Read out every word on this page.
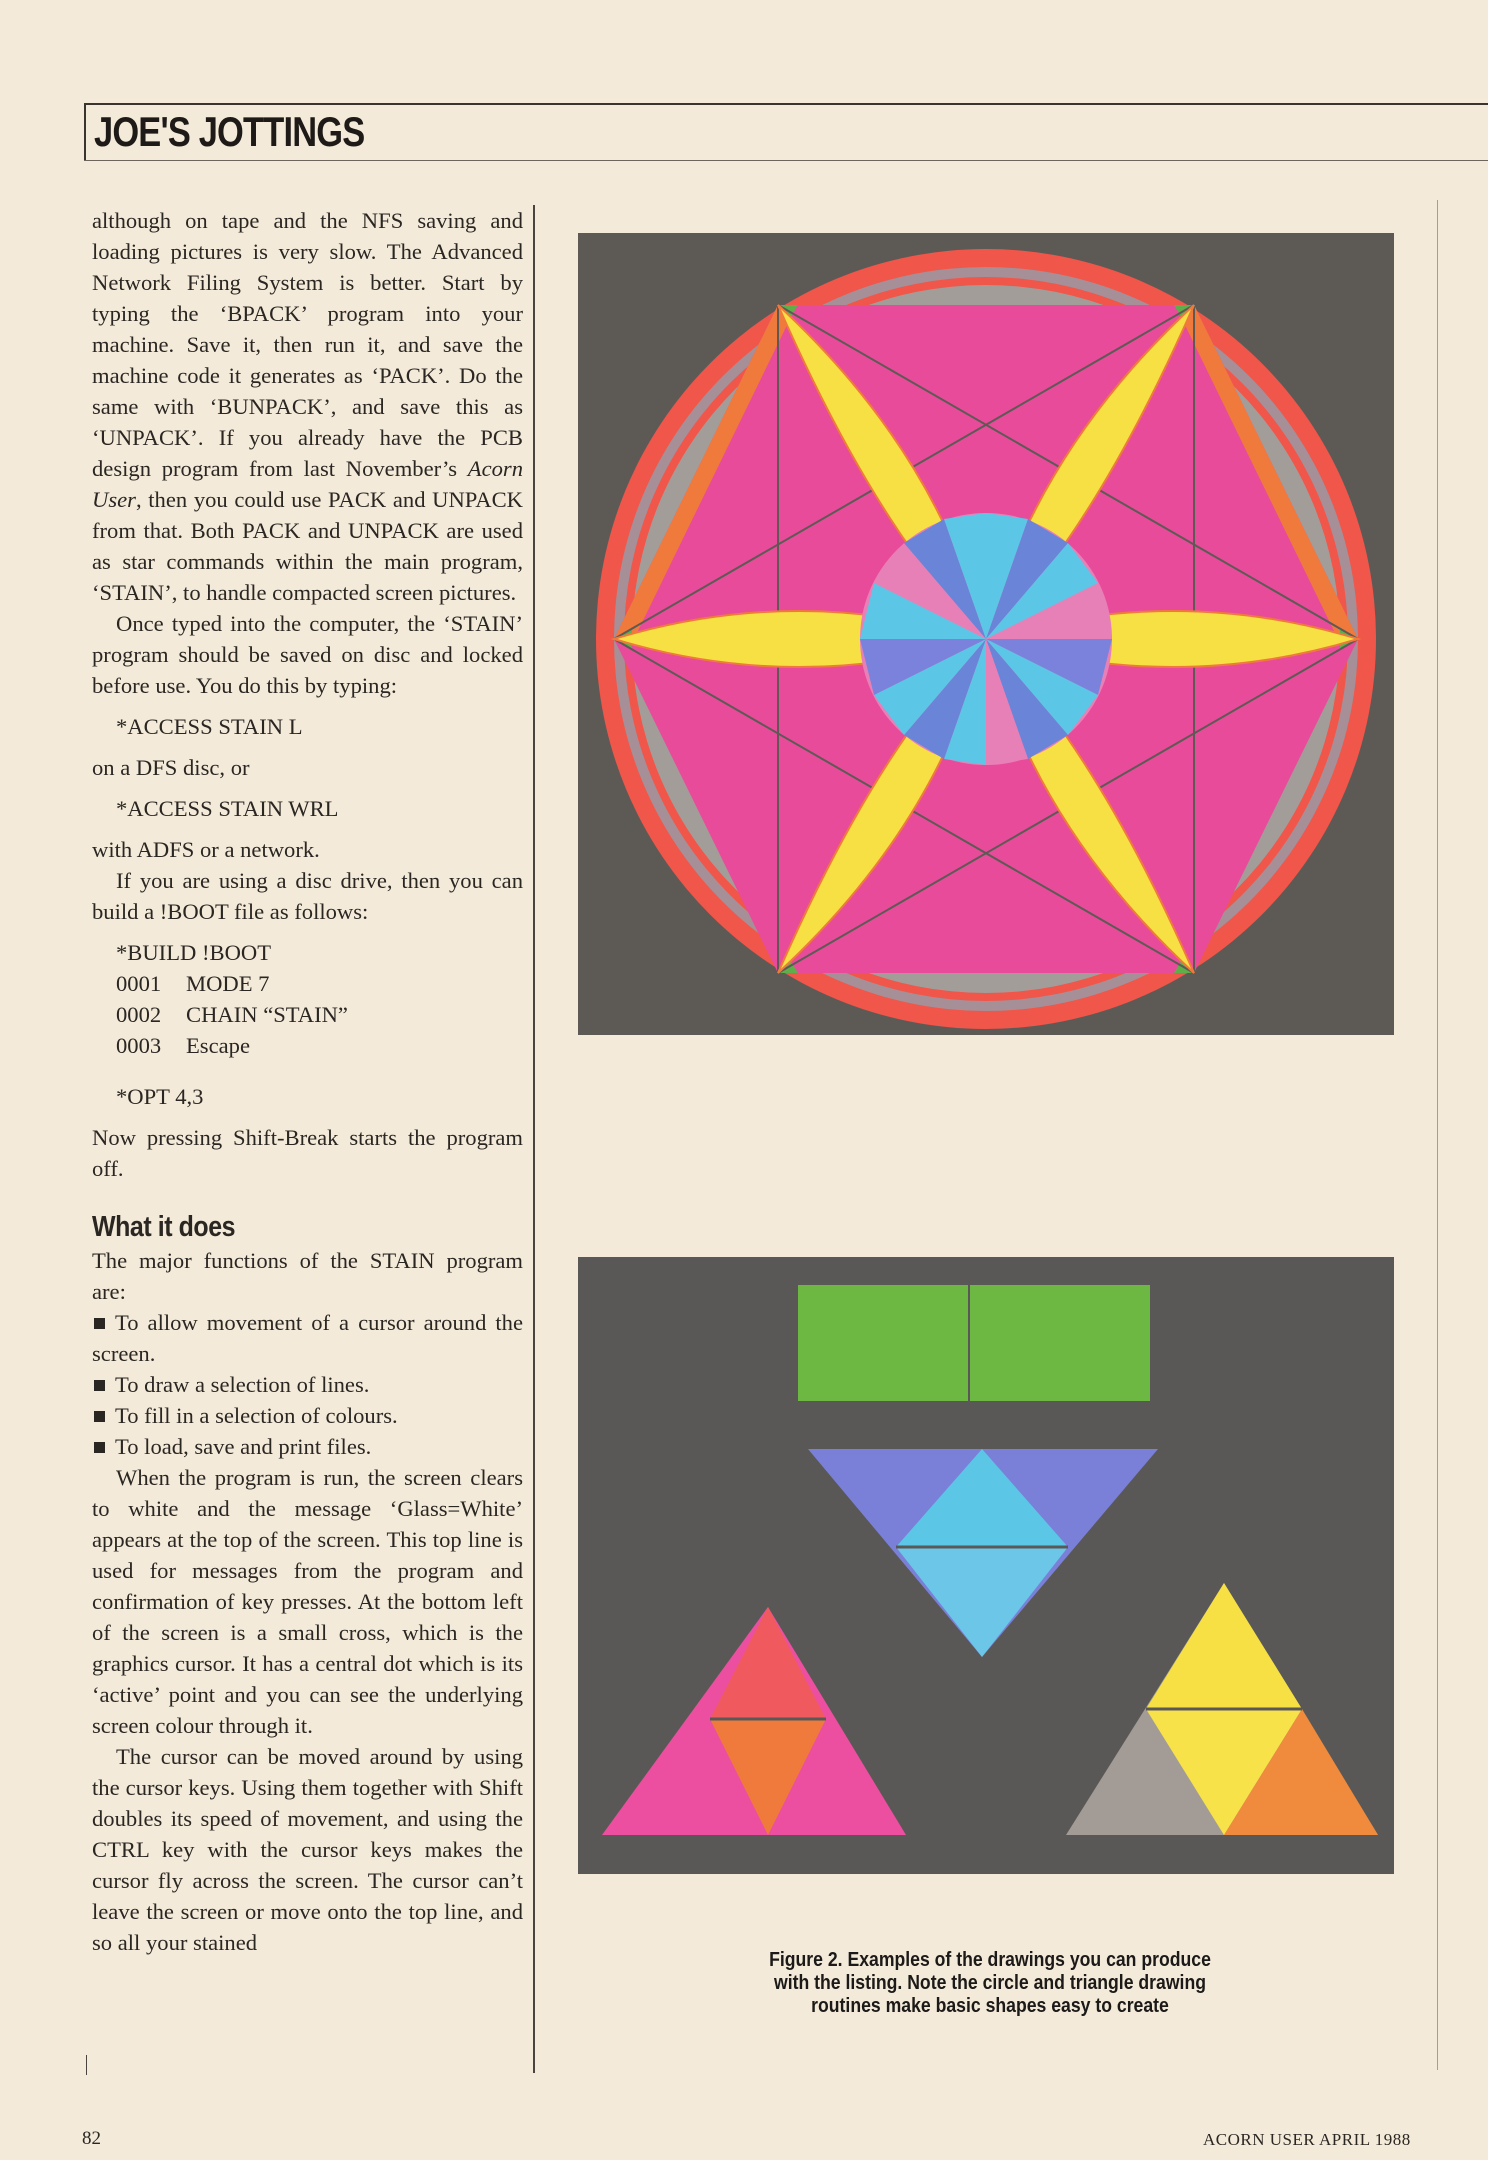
JOE'S JOTTINGS

although on tape and the NFS saving and loading pictures is very slow. The Advanced Network Filing System is better. Start by typing the ‘BPACK’ program into your machine. Save it, then run it, and save the machine code it generates as ‘PACK’. Do the same with ‘BUNPACK’, and save this as ‘UNPACK’. If you already have the PCB design program from last November’s Acorn User, then you could use PACK and UNPACK from that. Both PACK and UNPACK are used as star commands within the main program, ‘STAIN’, to handle compacted screen pictures.

Once typed into the computer, the ‘STAIN’ program should be saved on disc and locked before use. You do this by typing:

*ACCESS STAIN L

on a DFS disc, or

*ACCESS STAIN WRL

with ADFS or a network.

If you are using a disc drive, then you can build a !BOOT file as follows:

*BUILD !BOOT
0001 MODE 7
0002 CHAIN “STAIN”
0003 Escape
*OPT 4,3

Now pressing Shift-Break starts the program off.

What it does

The major functions of the STAIN program are:

To allow movement of a cursor around the screen.
To draw a selection of lines.
To fill in a selection of colours.
To load, save and print files.

When the program is run, the screen clears to white and the message ‘Glass=White’ appears at the top of the screen. This top line is used for messages from the program and confirmation of key presses. At the bottom left of the screen is a small cross, which is the graphics cursor. It has a central dot which is its ‘active’ point and you can see the underlying screen colour through it.

The cursor can be moved around by using the cursor keys. Using them together with Shift doubles its speed of movement, and using the CTRL key with the cursor keys makes the cursor fly across the screen. The cursor can’t leave the screen or move onto the top line, and so all your stained

Figure 2. Examples of the drawings you can produce with the listing. Note the circle and triangle drawing routines make basic shapes easy to create
82	ACORN USER APRIL 1988
